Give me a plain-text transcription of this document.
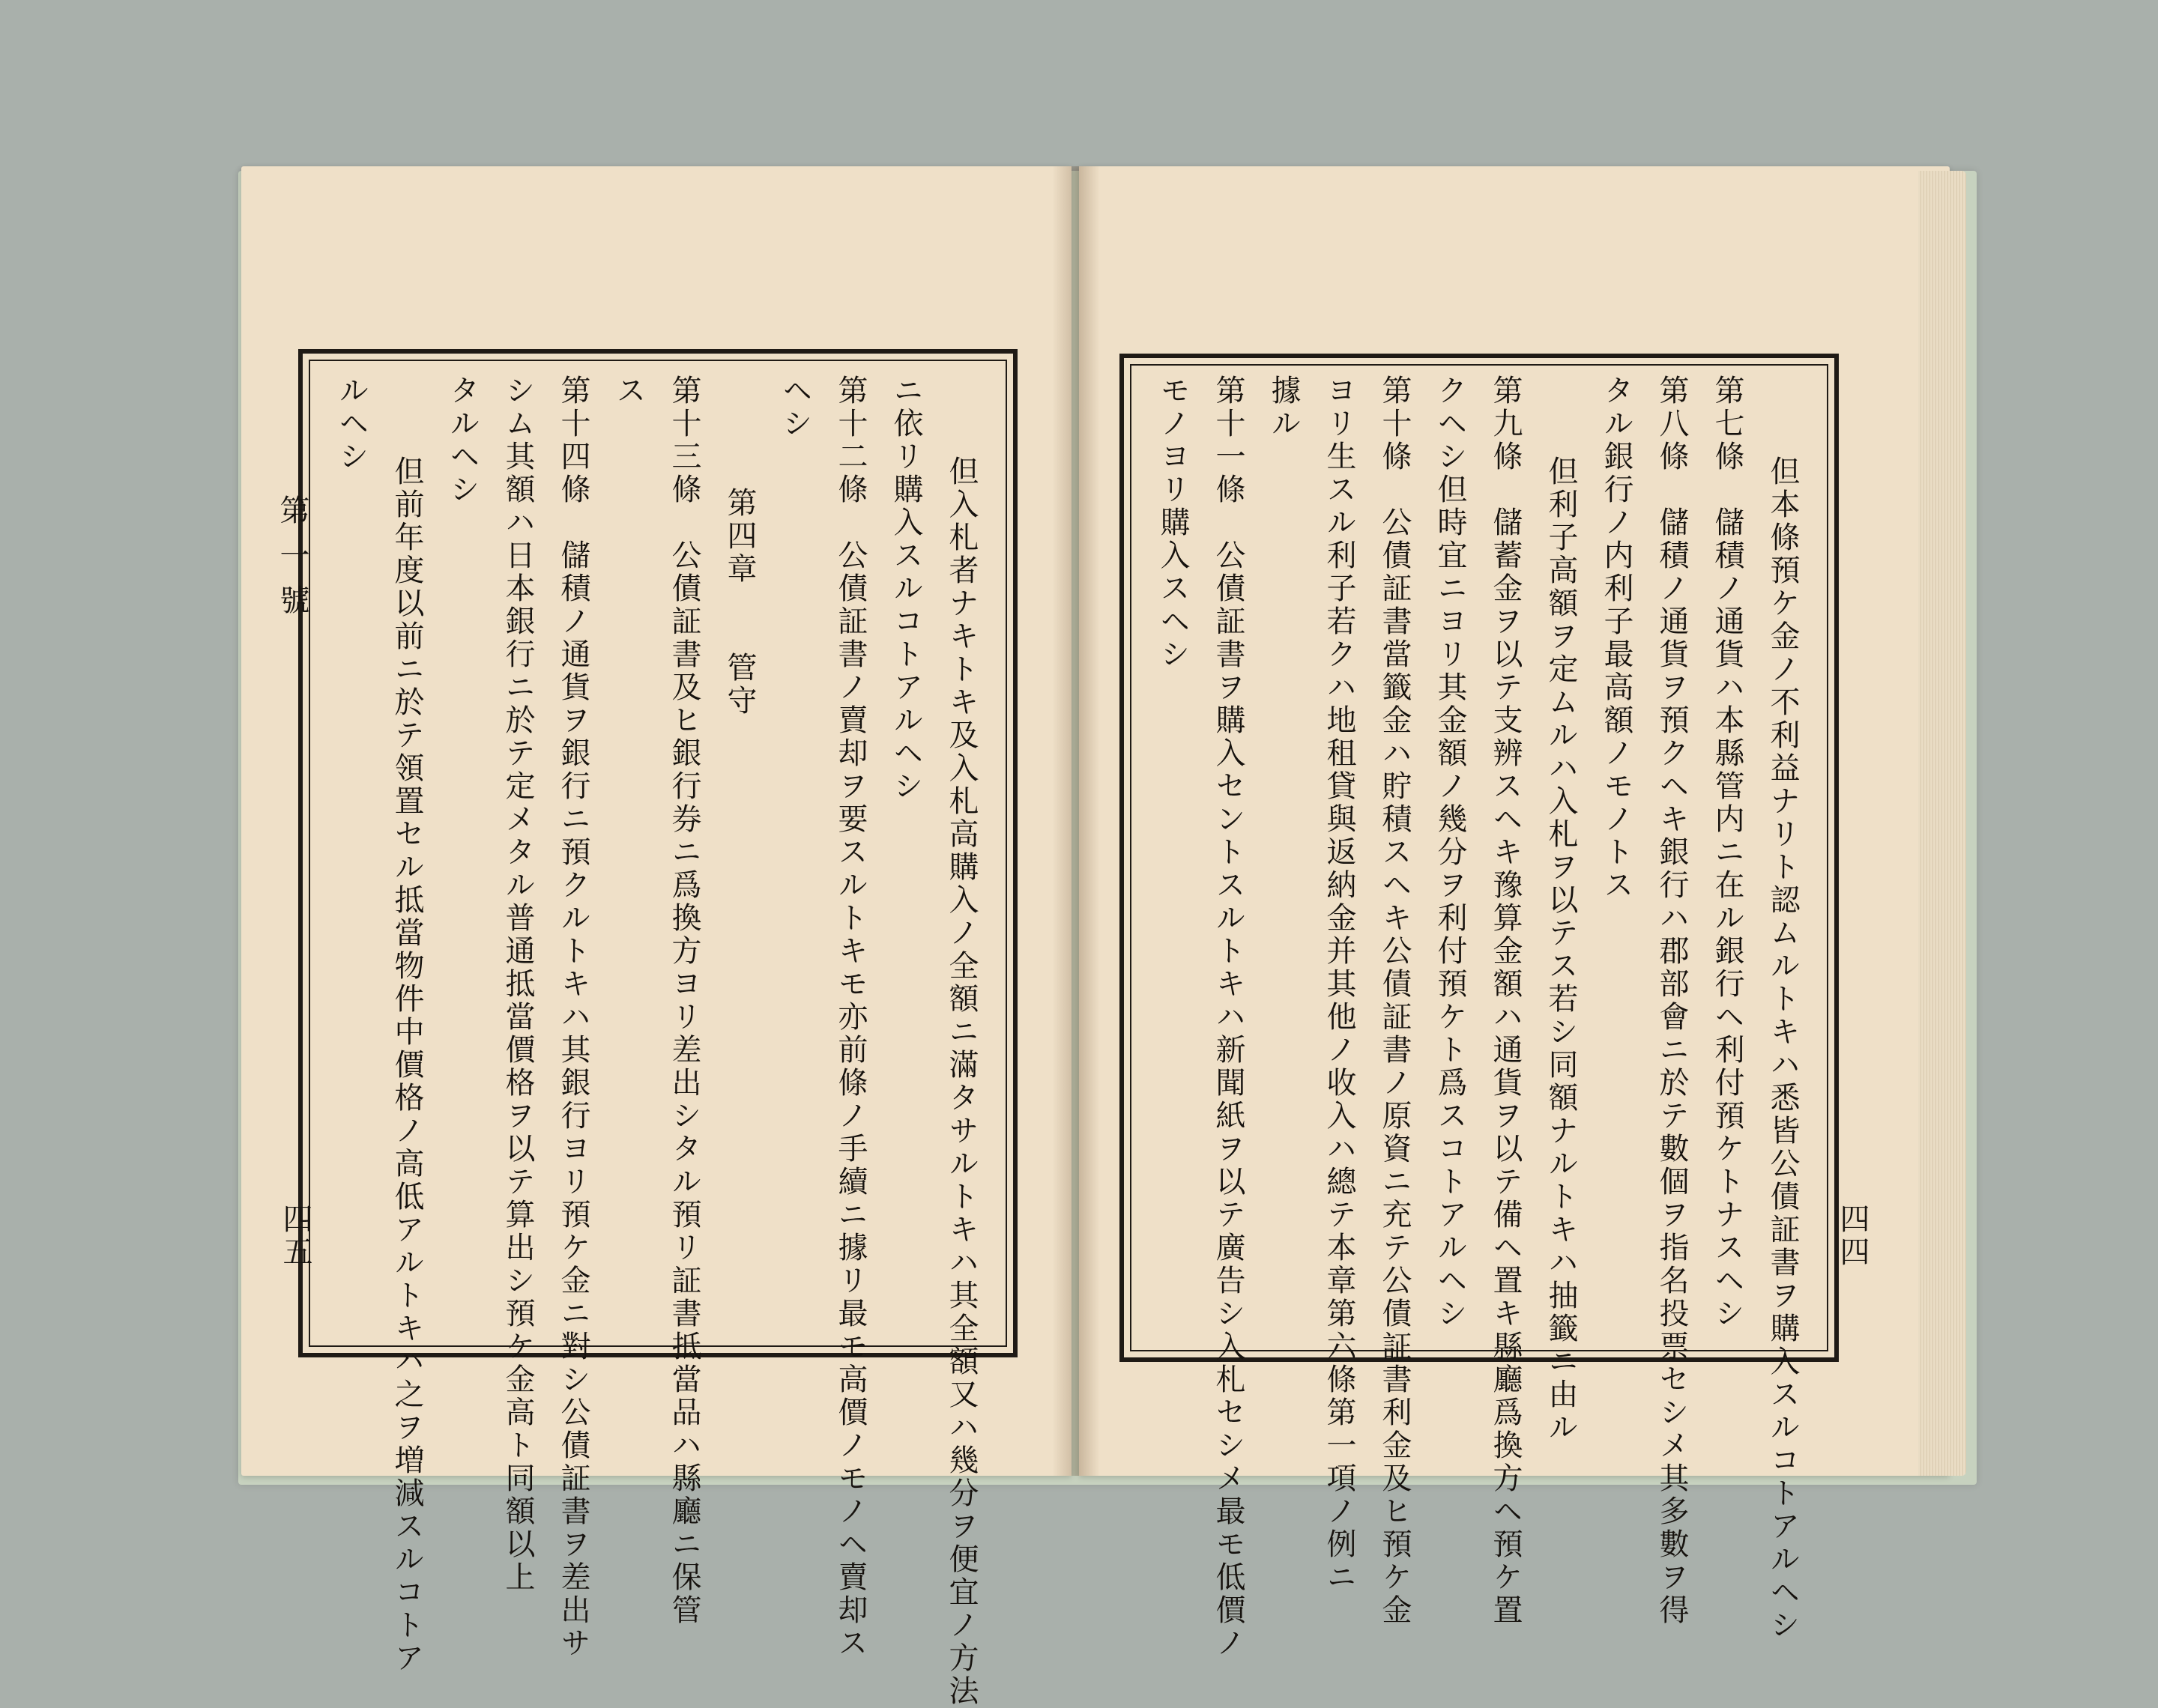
第一號
四五	四四
但本條預ケ金ノ不利益ナリト認ムルトキハ悉皆公債証書ヲ購入スルコトアルヘシ
第七條　儲積ノ通貨ハ本縣管内ニ在ル銀行ヘ利付預ケトナスヘシ
第八條　儲積ノ通貨ヲ預クヘキ銀行ハ郡部會ニ於テ數個ヲ指名投票セシメ其多數ヲ得
タル銀行ノ内利子最高額ノモノトス
但利子高額ヲ定ムルハ入札ヲ以テス若シ同額ナルトキハ抽籤ニ由ル
第九條　儲蓄金ヲ以テ支辨スヘキ豫算金額ハ通貨ヲ以テ備ヘ置キ縣廳爲換方ヘ預ケ置
クヘシ但時宜ニヨリ其金額ノ幾分ヲ利付預ケト爲スコトアルヘシ
第十條　公債証書當籤金ハ貯積スヘキ公債証書ノ原資ニ充テ公債証書利金及ヒ預ケ金
ヨリ生スル利子若クハ地租貸與返納金并其他ノ收入ハ總テ本章第六條第一項ノ例ニ
據ル
第十一條　公債証書ヲ購入セントスルトキハ新聞紙ヲ以テ廣告シ入札セシメ最モ低價ノ
モノヨリ購入スヘシ
但入札者ナキトキ及入札高購入ノ全額ニ滿タサルトキハ其全額又ハ幾分ヲ便宜ノ方法
ニ依リ購入スルコトアルヘシ
第十二條　公債証書ノ賣却ヲ要スルトキモ亦前條ノ手續ニ據リ最モ高價ノモノヘ賣却ス
ヘシ
第四章　　管守
第十三條　公債証書及ヒ銀行券ニ爲換方ヨリ差出シタル預リ証書抵當品ハ縣廳ニ保管
ス
第十四條　儲積ノ通貨ヲ銀行ニ預クルトキハ其銀行ヨリ預ケ金ニ對シ公債証書ヲ差出サ
シム其額ハ日本銀行ニ於テ定メタル普通抵當價格ヲ以テ算出シ預ケ金高ト同額以上
タルヘシ
但前年度以前ニ於テ領置セル抵當物件中價格ノ高低アルトキハ之ヲ増減スルコトア
ルヘシ
